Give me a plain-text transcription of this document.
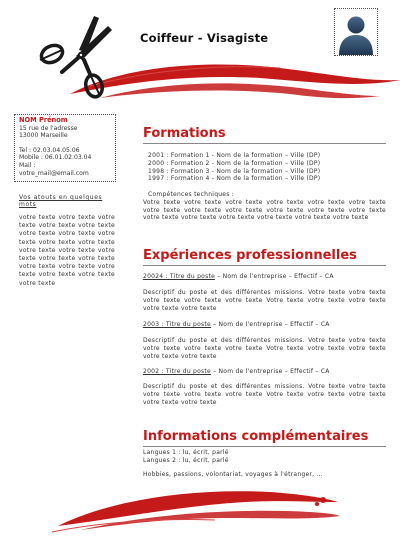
Coiffeur - Visagiste
NOM Prénom
15 rue de l'adresse
13000 Marseille
Tel : 02.03.04.05.06
Mobile : 06.01.02.03.04
Mail :
votre_mail@email.com
Vos atouts en quelques mots
votre texte votre texte votre texte votre texte votre texte votre texte votre texte votre texte votre texte votre texte votre texte votre texte votre texte votre texte votre texte votre texte votre texte votre texte votre texte votre texte votre texte
Formations

2001 : Formation 1 - Nom de la formation – Ville (DP)

2000 : Formation 2 - Nom de la formation – Ville (DP)

1998 : Formation 3 - Nom de la formation – Ville (DP)

1997 : Formation 4 - Nom de la formation – Ville (DP)

Compétences techniques :

Votre texte votre texte votre texte votre texte votre texte votre texte votre texte votre texte votre texte votre texte votre texte votre texte votre texte votre texte votre texte votre texte votre texte votre texte

Expériences professionnelles

20024 : Titre du poste – Nom de l'entreprise – Effectif – CA

Descriptif du poste et des différentes missions. Votre texte votre texte votre texte votre texte votre texte Votre texte votre texte votre texte votre texte votre texte

2003 : Titre du poste – Nom de l'entreprise – Effectif – CA

Descriptif du poste et des différentes missions. Votre texte votre texte votre texte votre texte votre texte Votre texte votre texte votre texte votre texte votre texte

2002 : Titre du poste – Nom de l'entreprise – Effectif – CA

Descriptif du poste et des différentes missions. Votre texte votre texte votre texte votre texte votre texte Votre texte votre texte votre texte votre texte votre texte
Informations complémentaires

Langues 1 : lu, écrit, parlé

Langues 2 : lu, écrit, parlé

Hobbies, passions, volontariat, voyages à l'étranger, …
